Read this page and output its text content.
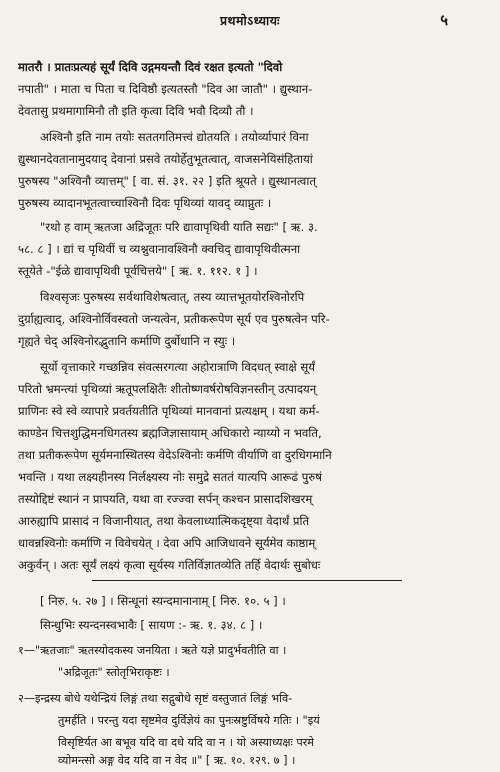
प्रथमोऽध्यायः	५
मातरौ । प्रातःप्रत्यहं सूर्यं दिवि उद्गमयन्तौ दिवं रक्षत इत्यतो "दिवो
नपाती" । माता च पिता च दिविष्ठौ इत्यतस्तौ "दिव आ जातौ" । द्युस्थान-
देवतासु प्रथमागामिनौ तौ इति कृत्वा दिवि भवौ दिव्यौ तौ ।
अश्विनौ इति नाम तयोः सततगतिमत्त्वं द्योतयति । तयोर्व्यापारं विना
द्युस्थानदेवतानामुदयाद् देवानां प्रसवे तयोर्हेतुभूतत्वात्, वाजसनेयिसंहितायां
पुरुषस्य "अश्विनौ व्यात्तम्" [ वा. सं. ३१. २२ ] इति श्रूयते । द्युस्थानत्वात्
पुरुषस्य व्यादानभूतत्वाच्चाश्विनौ दिवः पृथिव्यां यावद् व्याप्नुतः ।
"रथो ह वाम् ऋतजा अद्रिजूतः परि द्यावापृथिवी याति सद्यः" [ ऋ. ३.
५८. ८ ] । द्यां च पृथिवीं च व्यश्नुवानावश्विनौ क्वचिद् द्यावापृथिवीत्मना
स्तूयेते -"ईळे द्यावापृथिवी पूर्वचित्तये" [ ऋ. १. ११२. १ ] ।
विश्वसृजः पुरुषस्य सर्वथाविशेषत्वात्, तस्य व्यात्तभूतयोरश्विनोरपि
दुर्ग्राह्यत्वाद्, अश्विनोर्विवस्वतो जन्यत्वेन, प्रतीकरूपेण सूर्य एव पुरुषत्वेन परि-
गृह्यते चेद् अश्विनोरद्भुतानि कर्माणि दुर्बोधानि न स्युः ।
सूर्यो वृत्ताकारे गच्छन्निव संवत्सरगत्या अहोरात्राणि विदधत् स्वाक्षे सूर्यं
परितो भ्रमन्त्यां पृथिव्यां ऋतूपलक्षितैः शीतोष्णवर्षरोषविज्ञनस्तीन् उत्पादयन्
प्राणिनः स्वे स्वे व्यापारे प्रवर्तयतीति पृथिव्यां मानवानां प्रत्यक्षम् । यथा कर्म-
काण्डेन चित्तशुद्धिमनधिगतस्य ब्रह्मजिज्ञासायाम् अधिकारो न्याय्यो न भवति,
तथा प्रतीकरूपेण सूर्यमनास्थितस्य वेदेऽश्विनोः कर्मणि वीर्याणि वा दुरधिगमानि
भवन्ति । यथा लक्ष्यहीनस्य निर्लक्ष्यस्य नोः समुद्रे सततं यात्यपि आरूढं पुरुषं
तस्योद्दिष्टं स्थानं न प्रापयति, यथा वा रज्ज्वा सर्पन् कश्चन प्रासादशिखरम्
आरुह्यापि प्रासादं न विजानीयात्, तथा केवलाध्यात्मिकदृष्ट्या वेदार्थं प्रति
धावन्नश्विनोः कर्माणि न विवेचयेत् । देवा अपि आजिधावने सूर्यमेव काष्ठाम्
अकुर्वन् । अतः सूर्यं लक्ष्यं कृत्वा सूर्यस्य गतिर्विज्ञातव्येति तर्हि वेदार्थः सुबोधः
[ निरु. ५. २७ ] । सिन्धूनां स्यन्दमानानाम् [ निरु. १०. ५ ] ।
सिन्धुभिः स्यन्दनस्वभावैः [ सायण :- ऋ. १. ३४. ८ ] ।
१—"ऋतजाः" ऋतस्योदकस्य जनयिता । ऋते यज्ञे प्रादुर्भवतीति वा ।
"अद्रिजूतः" स्तोतृभिराकृष्टः ।
२—इन्द्रस्य बोधे यथेन्द्रियं लिङ्गं तथा सद्गुबोधे सृष्टं वस्तुजातं लिङ्गं भवि-
तुमर्हति । परन्तु यदा सृष्टमेव दुर्विज्ञेयं का पुनःस्रष्टुर्विषये गतिः । "इयं
विसृष्टिर्यत आ बभूव यदि वा दधे यदि वा न । यो अस्याध्यक्षः परमे
व्योमन्त्सो अङ्ग वेद यदि वा न वेद ॥" [ ऋ. १०. १२९. ७ ] ।
